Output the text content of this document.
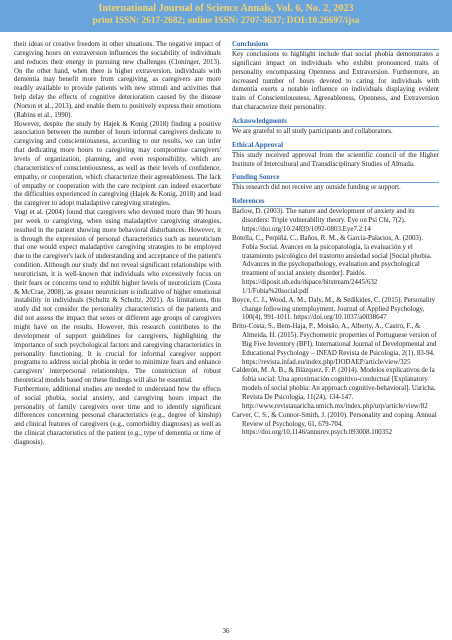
International Journal of Science Annals, Vol. 6, No. 2, 2023
print ISSN: 2617-2682; online ISSN: 2707-3637; DOI:10.26697/ijsa

their ideas or creative freedom in other situations. The negative impact of caregiving hours on extraversion influences the sociability of individuals and reduces their energy in pursuing new challenges (Cloninger, 2013). On the other hand, when there is higher extraversion, individuals with dementia may benefit more from caregiving, as caregivers are more readily available to provide patients with new stimuli and activities that help delay the effects of cognitive deterioration caused by the disease (Norton et al., 2013), and enable them to positively express their emotions (Rabins et al., 1990).

However, despite the study by Hajek & Konig (2018) finding a positive association between the number of hours informal caregivers dedicate to caregiving and conscientiousness, according to our results, we can infer that dedicating more hours to caregiving may compromise caregivers' levels of organization, planning, and even responsibility, which are characteristics of conscientiousness, as well as their levels of confidence, empathy, or cooperation, which characterize their agreeableness. The lack of empathy or cooperation with the care recipient can indeed exacerbate the difficulties experienced in caregiving (Hajek & Konig, 2018) and lead the caregiver to adopt maladaptive caregiving strategies.

Vugt et al. (2004) found that caregivers who devoted more than 90 hours per week to caregiving, when using maladaptive caregiving strategies, resulted in the patient showing more behavioral disturbances. However, it is through the expression of personal characteristics such as neuroticism that one would expect maladaptive caregiving strategies to be employed due to the caregiver's lack of understanding and acceptance of the patient's condition. Although our study did not reveal significant relationships with neuroticism, it is well-known that individuals who excessively focus on their fears or concerns tend to exhibit higher levels of neuroticism (Costa & McCrae, 2008), as greater neuroticism is indicative of higher emotional instability in individuals (Schultz & Schultz, 2021). As limitations, this study did not consider the personality characteristics of the patients and did not assess the impact that sexes or different age groups of caregivers might have on the results. However, this research contributes to the development of support guidelines for caregivers, highlighting the importance of such psychological factors and caregiving characteristics in personality functioning. It is crucial for informal caregiver support programs to address social phobia in order to minimize fears and enhance caregivers' interpersonal relationships. The construction of robust theoretical models based on these findings will also be essential.

Furthermore, additional studies are needed to understand how the effects of social phobia, social anxiety, and caregiving hours impact the personality of family caregivers over time and to identify significant differences concerning personal characteristics (e.g., degree of kinship) and clinical features of caregivers (e.g., comorbidity diagnoses) as well as the clinical characteristics of the patient (e.g., type of dementia or time of diagnosis).

Conclusions

Key conclusions to highlight include that social phobia demonstrates a significant impact on individuals who exhibit pronounced traits of personality encompassing Openness and Extraversion. Furthermore, an increased number of hours devoted to caring for individuals with dementia exerts a notable influence on individuals displaying evident traits of Conscientiousness, Agreeableness, Openness, and Extraversion that characterize their personality.

Acknowledgments

We are grateful to all study participants and collaborators.

Ethical Approval

This study received approval from the scientific council of the Higher Institute of Intercultural and Transdisciplinary Studies of Almada.

Funding Source

This research did not receive any outside funding or support.

References

Barlow, D. (2003). The nature and development of anxiety and its disorders: Triple vulnerability theory. Eye on Psi Chi, 7(2). https://doi.org/10.24839/1092-0803.Eye7.2.14

Botella, C., Perpiñá, C., Baños, R. M., & García-Palacios, A. (2003). Fobia Social. Avances en la psicopatología, la evaluación y el tratamiento psicológico del trastorno ansiedad social [Social phobia. Advances in the psychopathology, evaluation and psychological treatment of social anxiety disorder]. Paidós. https://diposit.ub.edu/dspace/bitstream/2445/632 1/1/Fobia%20social.pdf

Boyce, C. J., Wood, A. M., Daly, M., & Sedikides, C. (2015). Personality change following unemployment. Journal of Applied Psychology, 100(4), 991-1011. https://doi.org/10.1037/a0038647

Brito-Costa, S., Bem-Haja, P., Moisão, A., Alberty, A., Castro, F., & Almeida, H. (2015). Psychometric properties of Portuguese version of Big Five Inventory (BFI). International Journal of Developmental and Educational Psychology – INFAD Revista de Psicología, 2(1), 83-94. https://revista.infad.eu/index.php/IJODAEP/article/view/325

Calderón, M. A. B., & Blázquez, F. P. (2014). Modelos explicativos de la fobia social: Una aproximación cognitivo-conductual [Explanatory models of social phobia: An approach cognitive-behavioral]. Uaricha, Revista De Psicología, 11(24), 134-147. http://www.revistauaricha.umich.mx/index.php/urp/article/view/82

Carver, C. S., & Connor-Smith, J. (2010). Personality and coping. Annual Review of Psychology, 61, 679-704. https://doi.org/10.1146/annurev.psych.093008.100352

36
